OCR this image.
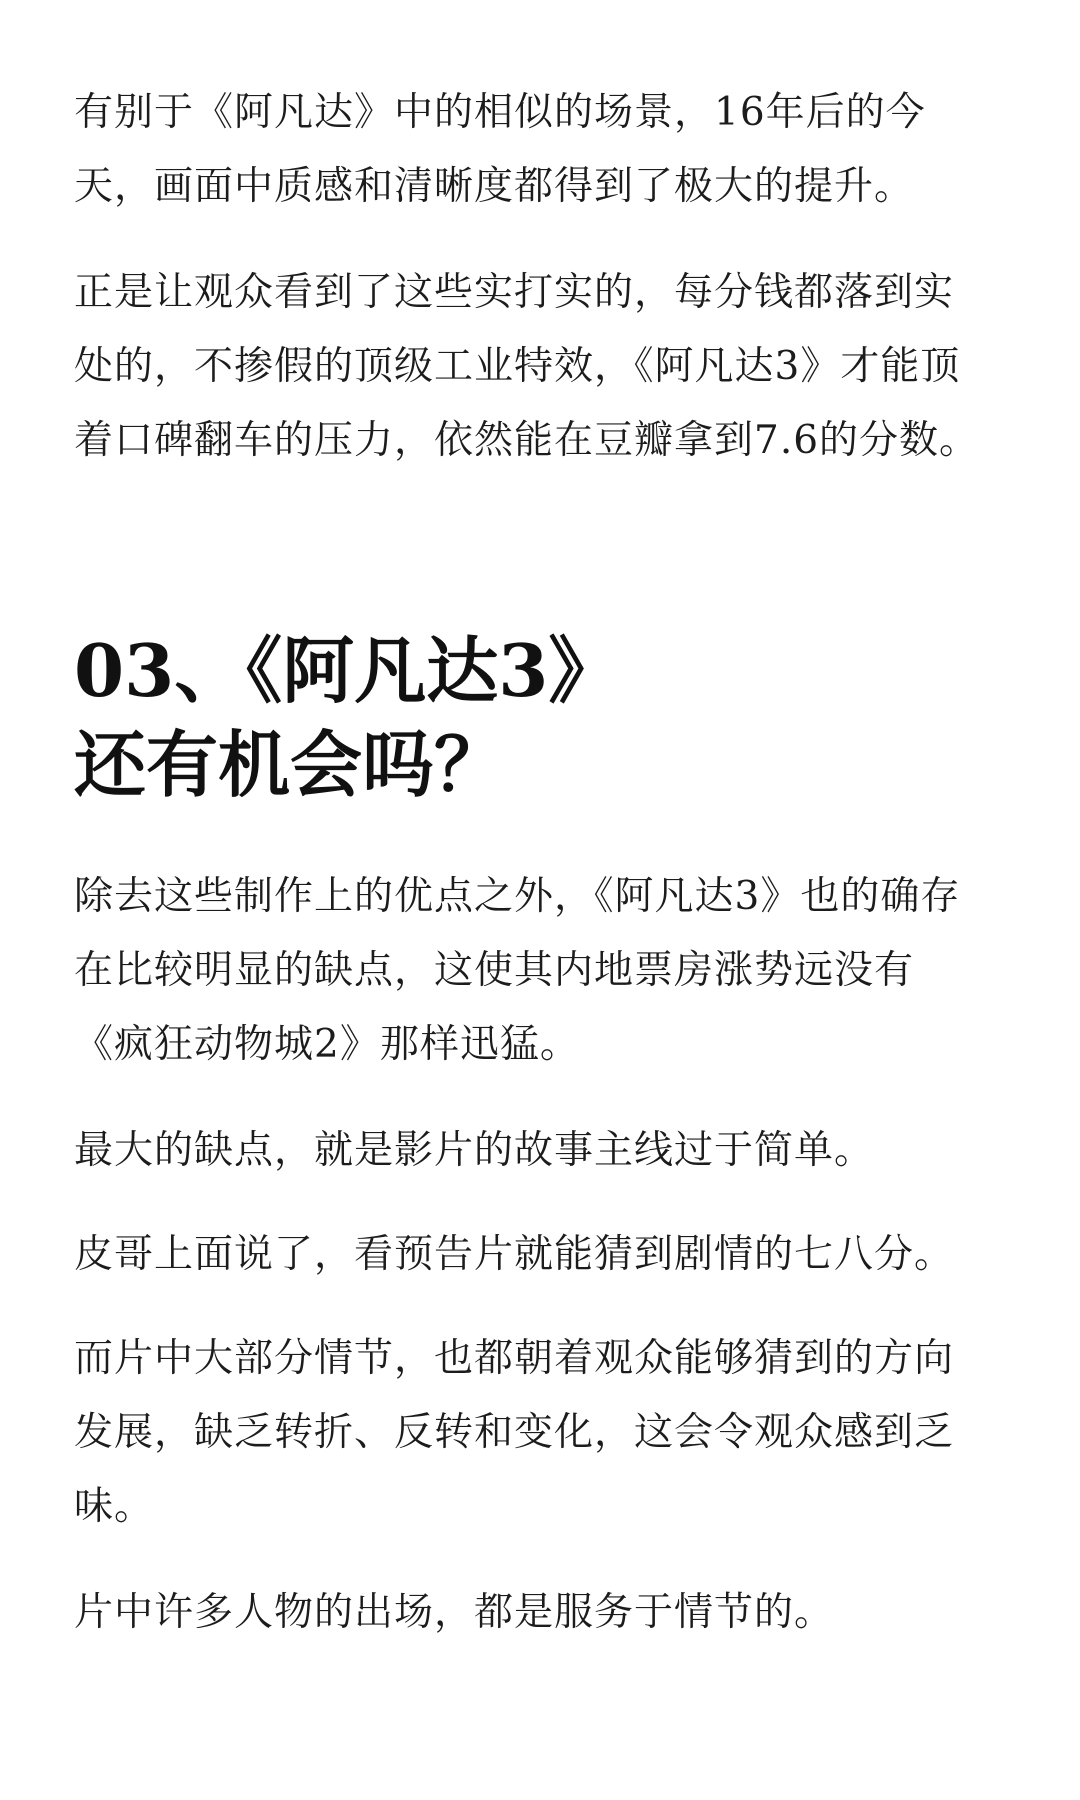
有别于《阿凡达》中的相似的场景，16年后的今
天，画面中质感和清晰度都得到了极大的提升。

正是让观众看到了这些实打实的，每分钱都落到实
处的，不掺假的顶级工业特效，《阿凡达3》才能顶
着口碑翻车的压力，依然能在豆瓣拿到7.6的分数。

03、《阿凡达3》
还有机会吗？

除去这些制作上的优点之外，《阿凡达3》也的确存
在比较明显的缺点，这使其内地票房涨势远没有
《疯狂动物城2》那样迅猛。

最大的缺点，就是影片的故事主线过于简单。

皮哥上面说了，看预告片就能猜到剧情的七八分。

而片中大部分情节，也都朝着观众能够猜到的方向
发展，缺乏转折、反转和变化，这会令观众感到乏
味。

片中许多人物的出场，都是服务于情节的。
